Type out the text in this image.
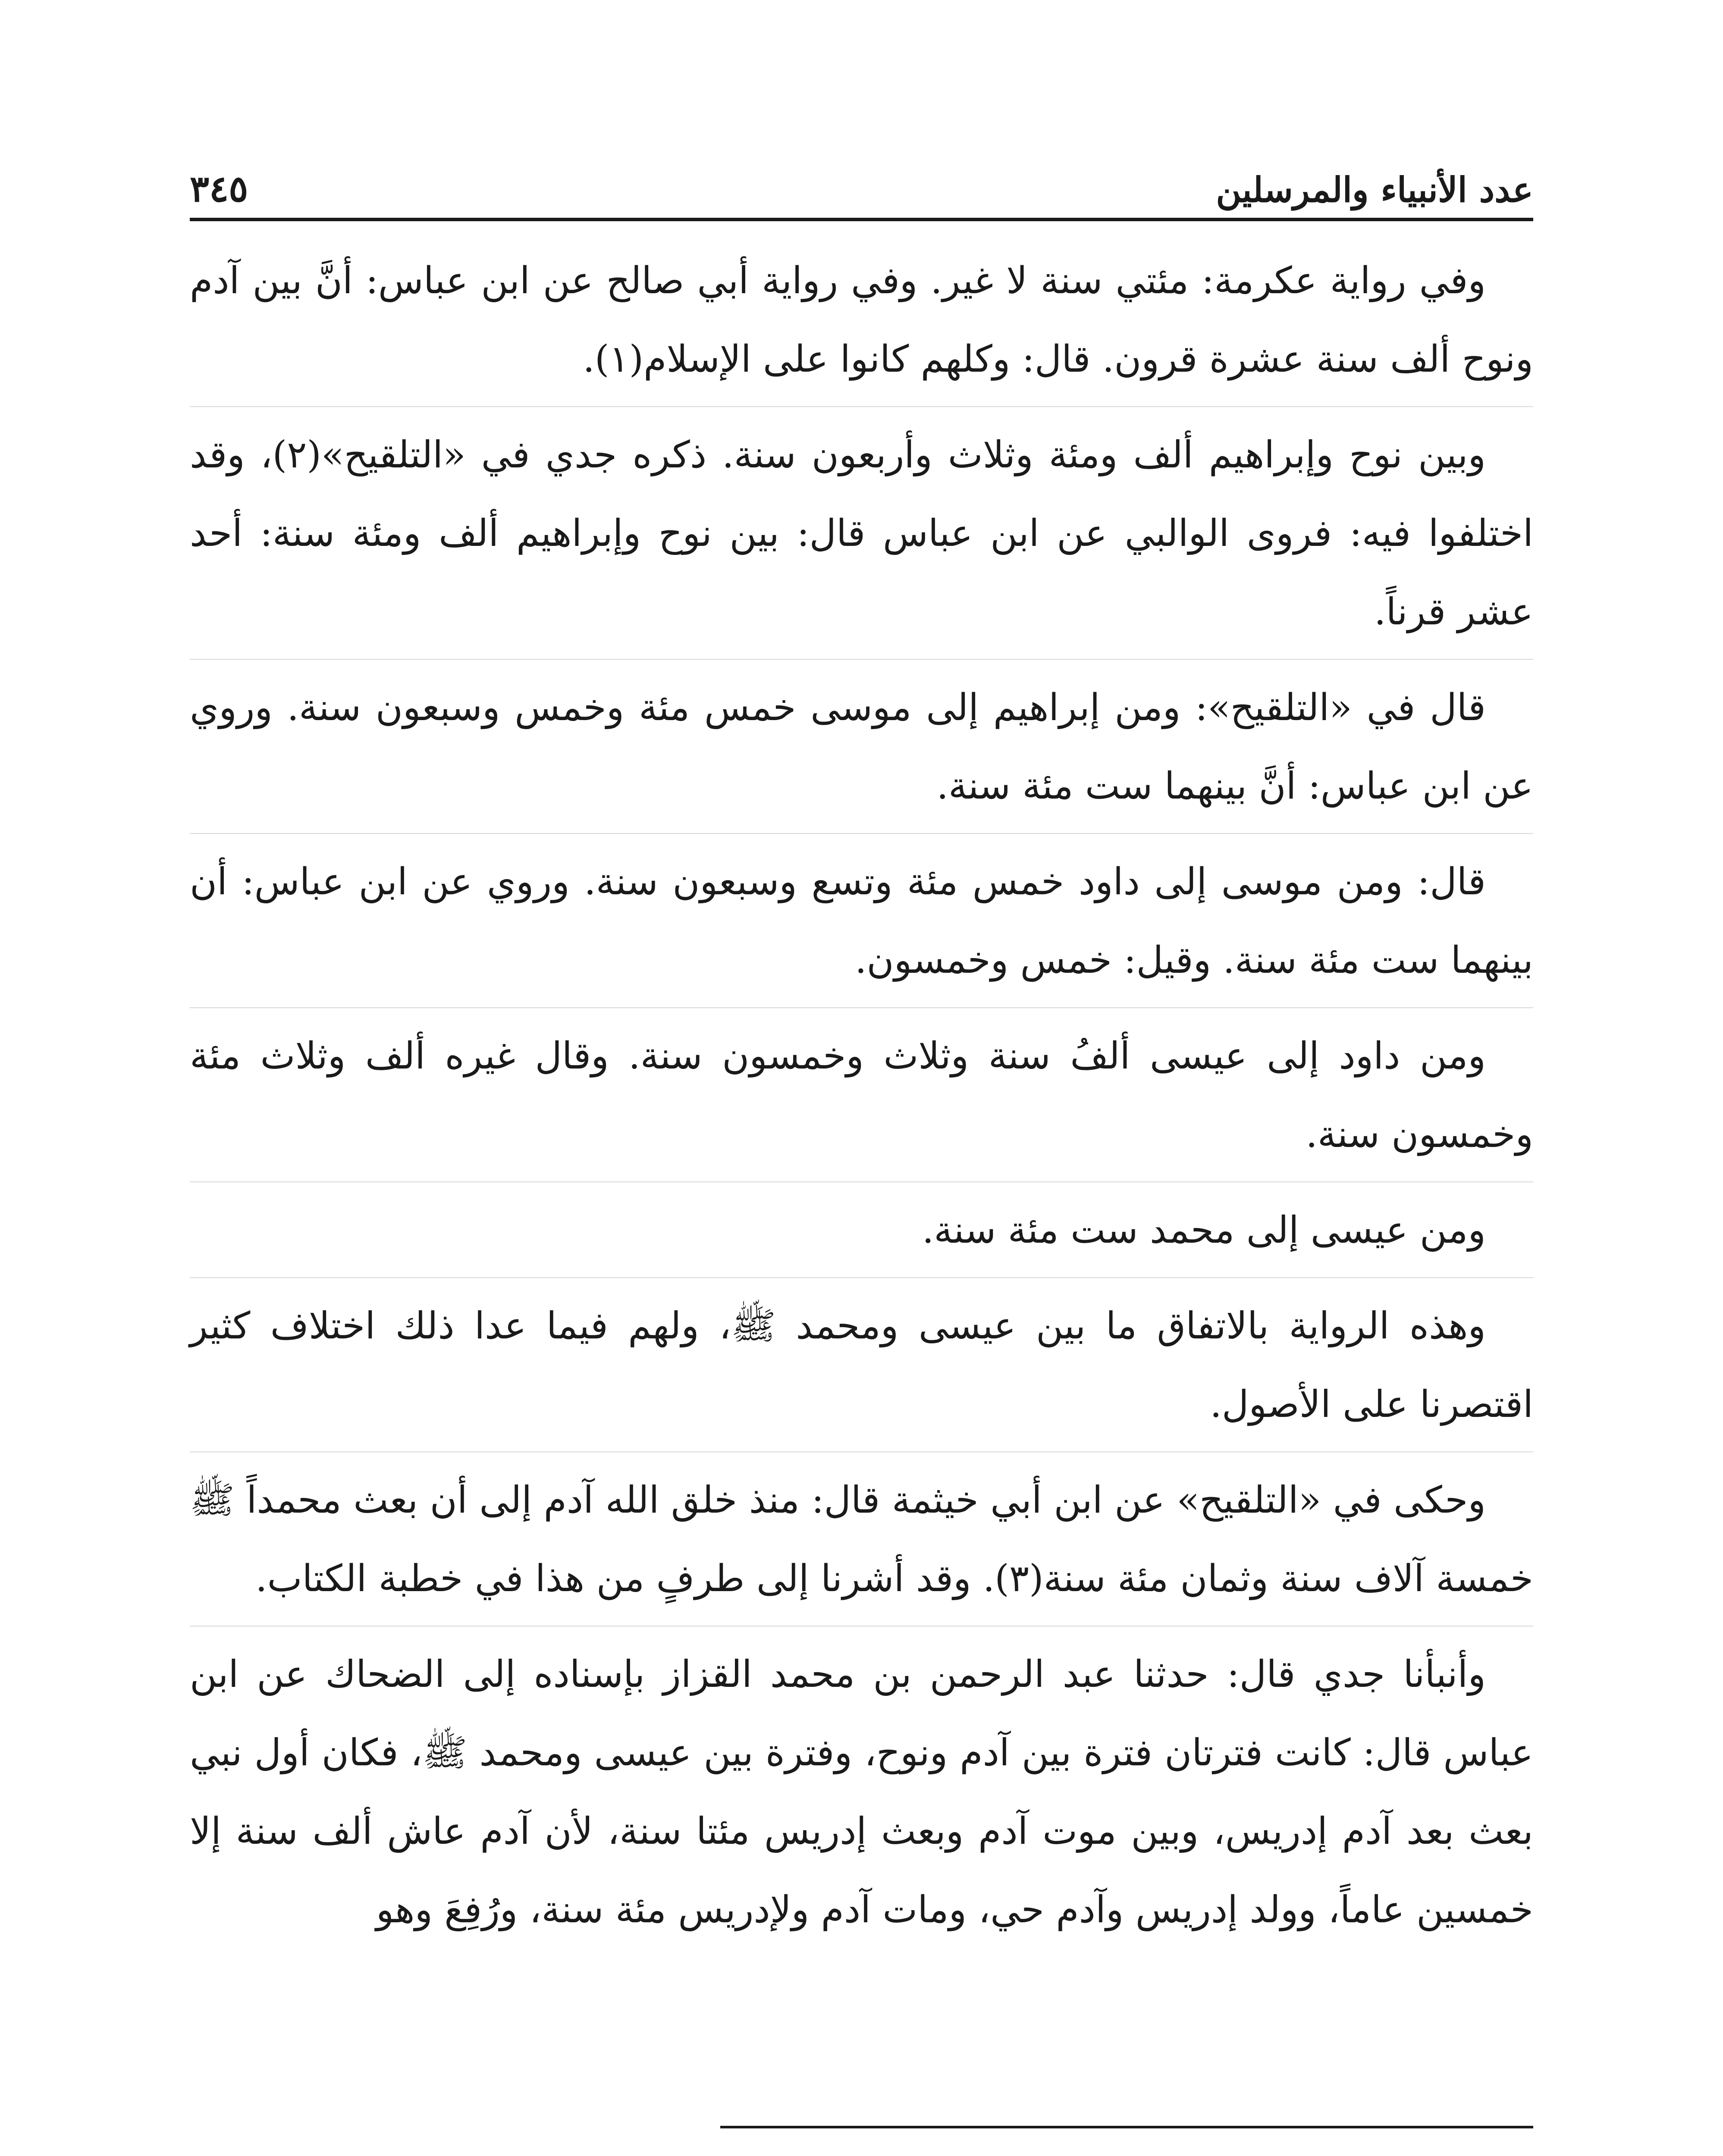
عدد الأنبياء والمرسلين
٣٤٥

وفي رواية عكرمة: مئتي سنة لا غير. وفي رواية أبي صالح عن ابن عباس: أنَّ بين آدم ونوح ألف سنة عشرة قرون. قال: وكلهم كانوا على الإسلام(١).

وبين نوح وإبراهيم ألف ومئة وثلاث وأربعون سنة. ذكره جدي في «التلقيح»(٢)، وقد اختلفوا فيه: فروى الوالبي عن ابن عباس قال: بين نوح وإبراهيم ألف ومئة سنة: أحد عشر قرناً.

قال في «التلقيح»: ومن إبراهيم إلى موسى خمس مئة وخمس وسبعون سنة. وروي عن ابن عباس: أنَّ بينهما ست مئة سنة.

قال: ومن موسى إلى داود خمس مئة وتسع وسبعون سنة. وروي عن ابن عباس: أن بينهما ست مئة سنة. وقيل: خمس وخمسون.

ومن داود إلى عيسى ألفُ سنة وثلاث وخمسون سنة. وقال غيره ألف وثلاث مئة وخمسون سنة.

ومن عيسى إلى محمد ست مئة سنة.

وهذه الرواية بالاتفاق ما بين عيسى ومحمد ﷺ، ولهم فيما عدا ذلك اختلاف كثير اقتصرنا على الأصول.

وحكى في «التلقيح» عن ابن أبي خيثمة قال: منذ خلق الله آدم إلى أن بعث محمداً ﷺ خمسة آلاف سنة وثمان مئة سنة(٣). وقد أشرنا إلى طرفٍ من هذا في خطبة الكتاب.

وأنبأنا جدي قال: حدثنا عبد الرحمن بن محمد القزاز بإسناده إلى الضحاك عن ابن عباس قال: كانت فترتان فترة بين آدم ونوح، وفترة بين عيسى ومحمد ﷺ، فكان أول نبي بعث بعد آدم إدريس، وبين موت آدم وبعث إدريس مئتا سنة، لأن آدم عاش ألف سنة إلا خمسين عاماً، وولد إدريس وآدم حي، ومات آدم ولإدريس مئة سنة، ورُفِعَ وهو
